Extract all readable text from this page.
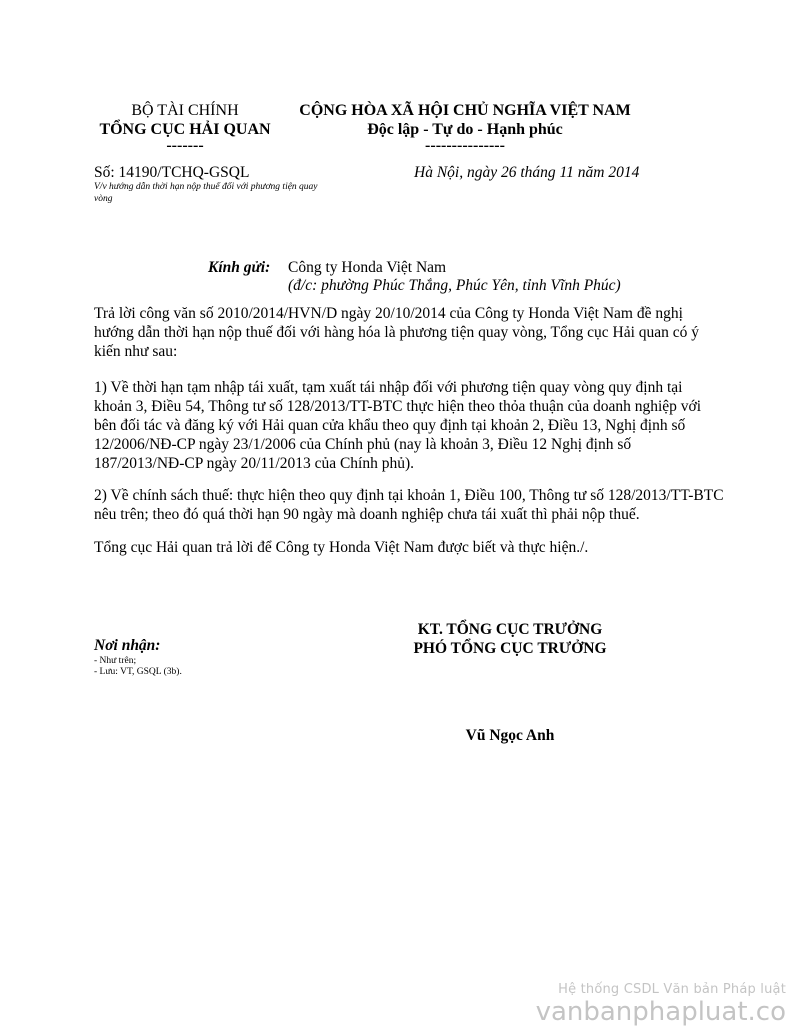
BỘ TÀI CHÍNH
TỔNG CỤC HẢI QUAN
-------
CỘNG HÒA XÃ HỘI CHỦ NGHĨA VIỆT NAM
Độc lập - Tự do - Hạnh phúc
---------------
Số: 14190/TCHQ-GSQL
V/v hướng dẫn thời hạn nộp thuế đối với phương tiện quay vòng
Hà Nội, ngày 26 tháng 11 năm 2014
Kính gửi: Công ty Honda Việt Nam
(đ/c: phường Phúc Thắng, Phúc Yên, tỉnh Vĩnh Phúc)

Trả lời công văn số 2010/2014/HVN/D ngày 20/10/2014 của Công ty Honda Việt Nam đề nghị hướng dẫn thời hạn nộp thuế đối với hàng hóa là phương tiện quay vòng, Tổng cục Hải quan có ý kiến như sau:

1) Về thời hạn tạm nhập tái xuất, tạm xuất tái nhập đối với phương tiện quay vòng quy định tại khoản 3, Điều 54, Thông tư số 128/2013/TT-BTC thực hiện theo thỏa thuận của doanh nghiệp với bên đối tác và đăng ký với Hải quan cửa khẩu theo quy định tại khoản 2, Điều 13, Nghị định số 12/2006/NĐ-CP ngày 23/1/2006 của Chính phủ (nay là khoản 3, Điều 12 Nghị định số 187/2013/NĐ-CP ngày 20/11/2013 của Chính phủ).

2) Về chính sách thuế: thực hiện theo quy định tại khoản 1, Điều 100, Thông tư số 128/2013/TT-BTC nêu trên; theo đó quá thời hạn 90 ngày mà doanh nghiệp chưa tái xuất thì phải nộp thuế.

Tổng cục Hải quan trả lời để Công ty Honda Việt Nam được biết và thực hiện./.

Nơi nhận:
- Như trên;
- Lưu: VT, GSQL (3b).
KT. TỔNG CỤC TRƯỞNG
PHÓ TỔNG CỤC TRƯỞNG
Vũ Ngọc Anh
Hệ thống CSDL Văn bản Pháp luật
vanbanphapluat.co
